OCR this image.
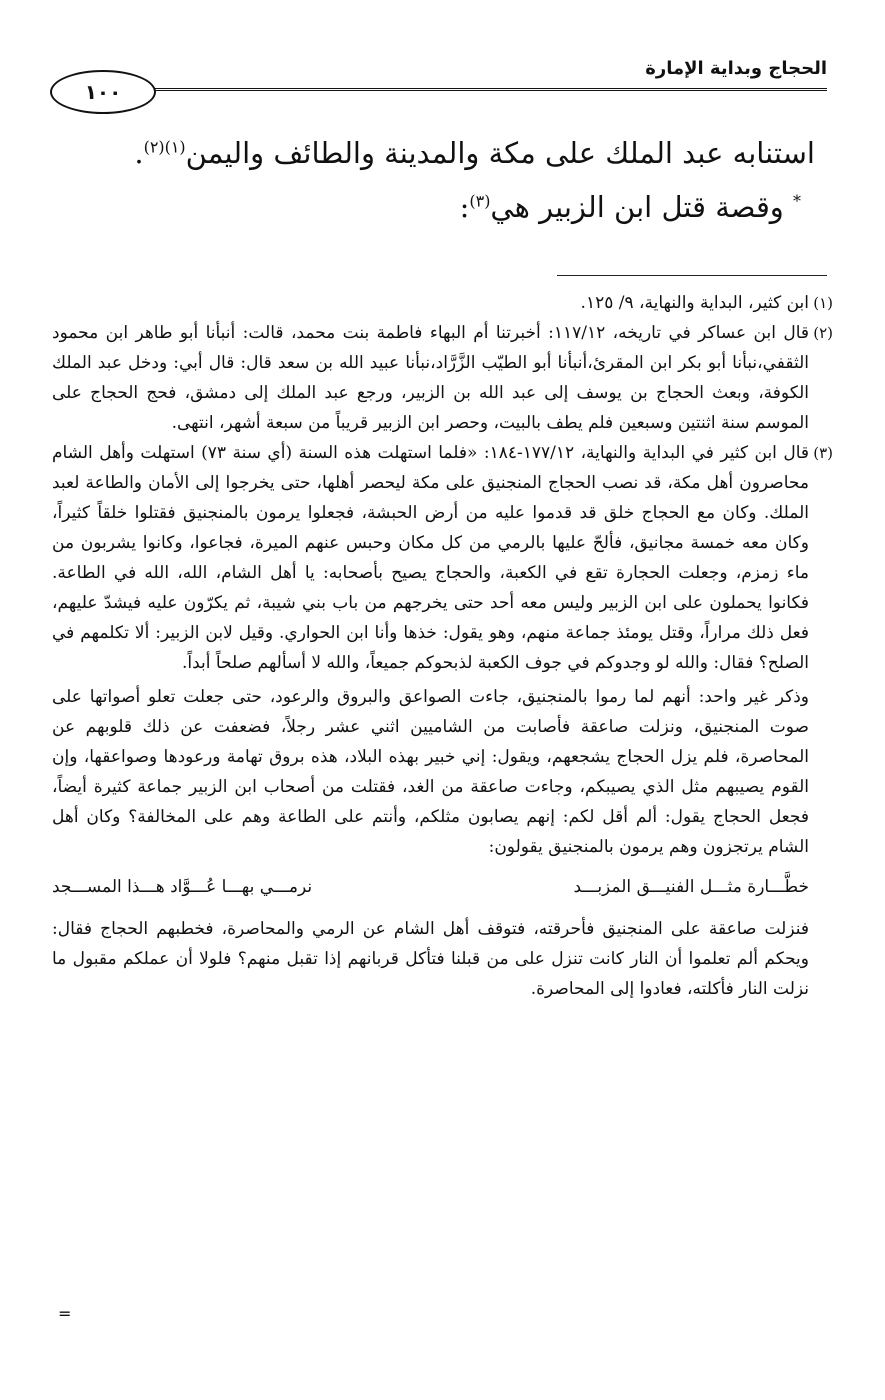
الحجاج وبداية الإمارة
١٠٠

استنابه عبد الملك على مكة والمدينة والطائف واليمن$^{(١)(٢)}$.

* وقصة قتل ابن الزبير هي$^{(٣)}$:

(١)
ابن كثير، البداية والنهاية، ٩/ ١٢٥.
(٢)
قال ابن عساكر في تاريخه، ١١٧/١٢: أخبرتنا أم البهاء فاطمة بنت محمد، قالت: أنبأنا أبو طاهر ابن محمود الثقفي،نبأنا أبو بكر ابن المقرئ،أنبأنا أبو الطيّب الزَّرَّاد،نبأنا عبيد الله بن سعد قال: قال أبي: ودخل عبد الملك الكوفة، وبعث الحجاج بن يوسف إلى عبد الله بن الزبير، ورجع عبد الملك إلى دمشق، فحج الحجاج على الموسم سنة اثنتين وسبعين فلم يطف بالبيت، وحصر ابن الزبير قريباً من سبعة أشهر، انتهى.
(٣)
قال ابن كثير في البداية والنهاية، ١٧٧/١٢-١٨٤: «فلما استهلت هذه السنة (أي سنة ٧٣) استهلت وأهل الشام محاصرون أهل مكة، قد نصب الحجاج المنجنيق على مكة ليحصر أهلها، حتى يخرجوا إلى الأمان والطاعة لعبد الملك. وكان مع الحجاج خلق قد قدموا عليه من أرض الحبشة، فجعلوا يرمون بالمنجنيق فقتلوا خلقاً كثيراً، وكان معه خمسة مجانيق، فألحّ عليها بالرمي من كل مكان وحبس عنهم الميرة، فجاعوا، وكانوا يشربون من ماء زمزم، وجعلت الحجارة تقع في الكعبة، والحجاج يصيح بأصحابه: يا أهل الشام، الله، الله في الطاعة. فكانوا يحملون على ابن الزبير وليس معه أحد حتى يخرجهم من باب بني شيبة، ثم يكرّون عليه فيشدّ عليهم، فعل ذلك مراراً، وقتل يومئذ جماعة منهم، وهو يقول: خذها وأنا ابن الحواري. وقيل لابن الزبير: ألا تكلمهم في الصلح؟ فقال: والله لو وجدوكم في جوف الكعبة لذبحوكم جميعاً، والله لا أسألهم صلحاً أبداً.

وذكر غير واحد: أنهم لما رموا بالمنجنيق، جاءت الصواعق والبروق والرعود، حتى جعلت تعلو أصواتها على صوت المنجنيق، ونزلت صاعقة فأصابت من الشاميين اثني عشر رجلاً، فضعفت عن ذلك قلوبهم عن المحاصرة، فلم يزل الحجاج يشجعهم، ويقول: إني خبير بهذه البلاد، هذه بروق تهامة ورعودها وصواعقها، وإن القوم يصيبهم مثل الذي يصيبكم، وجاءت صاعقة من الغد، فقتلت من أصحاب ابن الزبير جماعة كثيرة أيضاً، فجعل الحجاج يقول: ألم أقل لكم: إنهم يصابون مثلكم، وأنتم على الطاعة وهم على المخالفة؟ وكان أهل الشام يرتجزون وهم يرمون بالمنجنيق يقولون:

خطَّـــارة مثـــل الفنيـــق المزبـــد
نرمـــي بهـــا عُـــوَّاد هـــذا المســـجد

فنزلت صاعقة على المنجنيق فأحرقته، فتوقف أهل الشام عن الرمي والمحاصرة، فخطبهم الحجاج فقال: ويحكم ألم تعلموا أن النار كانت تنزل على من قبلنا فتأكل قربانهم إذا تقبل منهم؟ فلولا أن عملكم مقبول ما نزلت النار فأكلته، فعادوا إلى المحاصرة.

=
